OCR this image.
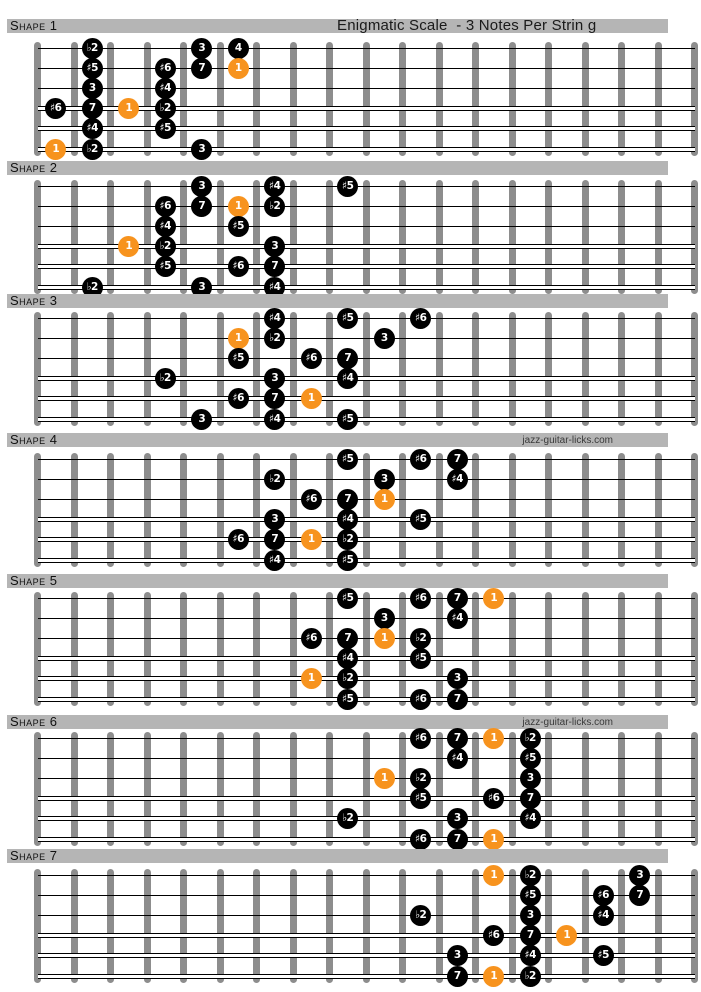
Shape 1	Enigmatic Scale  - 3 Notes Per Strin g
♭2	3	4
♯5	♯6	7	1
3	♯4
♯6	7	1	♭2
♯4	♯5
1	♭2	3
Shape 2
3	♯4	♯5
♯6	7	1	♭2
♯4	♯5
1	♭2	3
♯5	♯6	7
♭2	3	♯4
Shape 3
♯4	♯5	♯6
1	♭2	3
♯5	♯6	7
♭2	3	♯4
♯6	7	1
3	♯4	♯5
Shape 4	jazz-guitar-licks.com
♯5	♯6	7
♭2	3	♯4
♯6	7	1
3	♯4	♯5
♯6	7	1	♭2
♯4	♯5
Shape 5
♯5	♯6	7	1
3	♯4
♯6	7	1	♭2
♯4	♯5
1	♭2	3
♯5	♯6	7
Shape 6	jazz-guitar-licks.com
♯6	7	1	♭2
♯4	♯5
1	♭2	3
♯5	♯6	7
♭2	3	♯4
♯6	7	1
Shape 7
1	♭2	3
♯5	♯6	7
♭2	3	♯4
♯6	7	1
3	♯4	♯5
7	1	♭2
